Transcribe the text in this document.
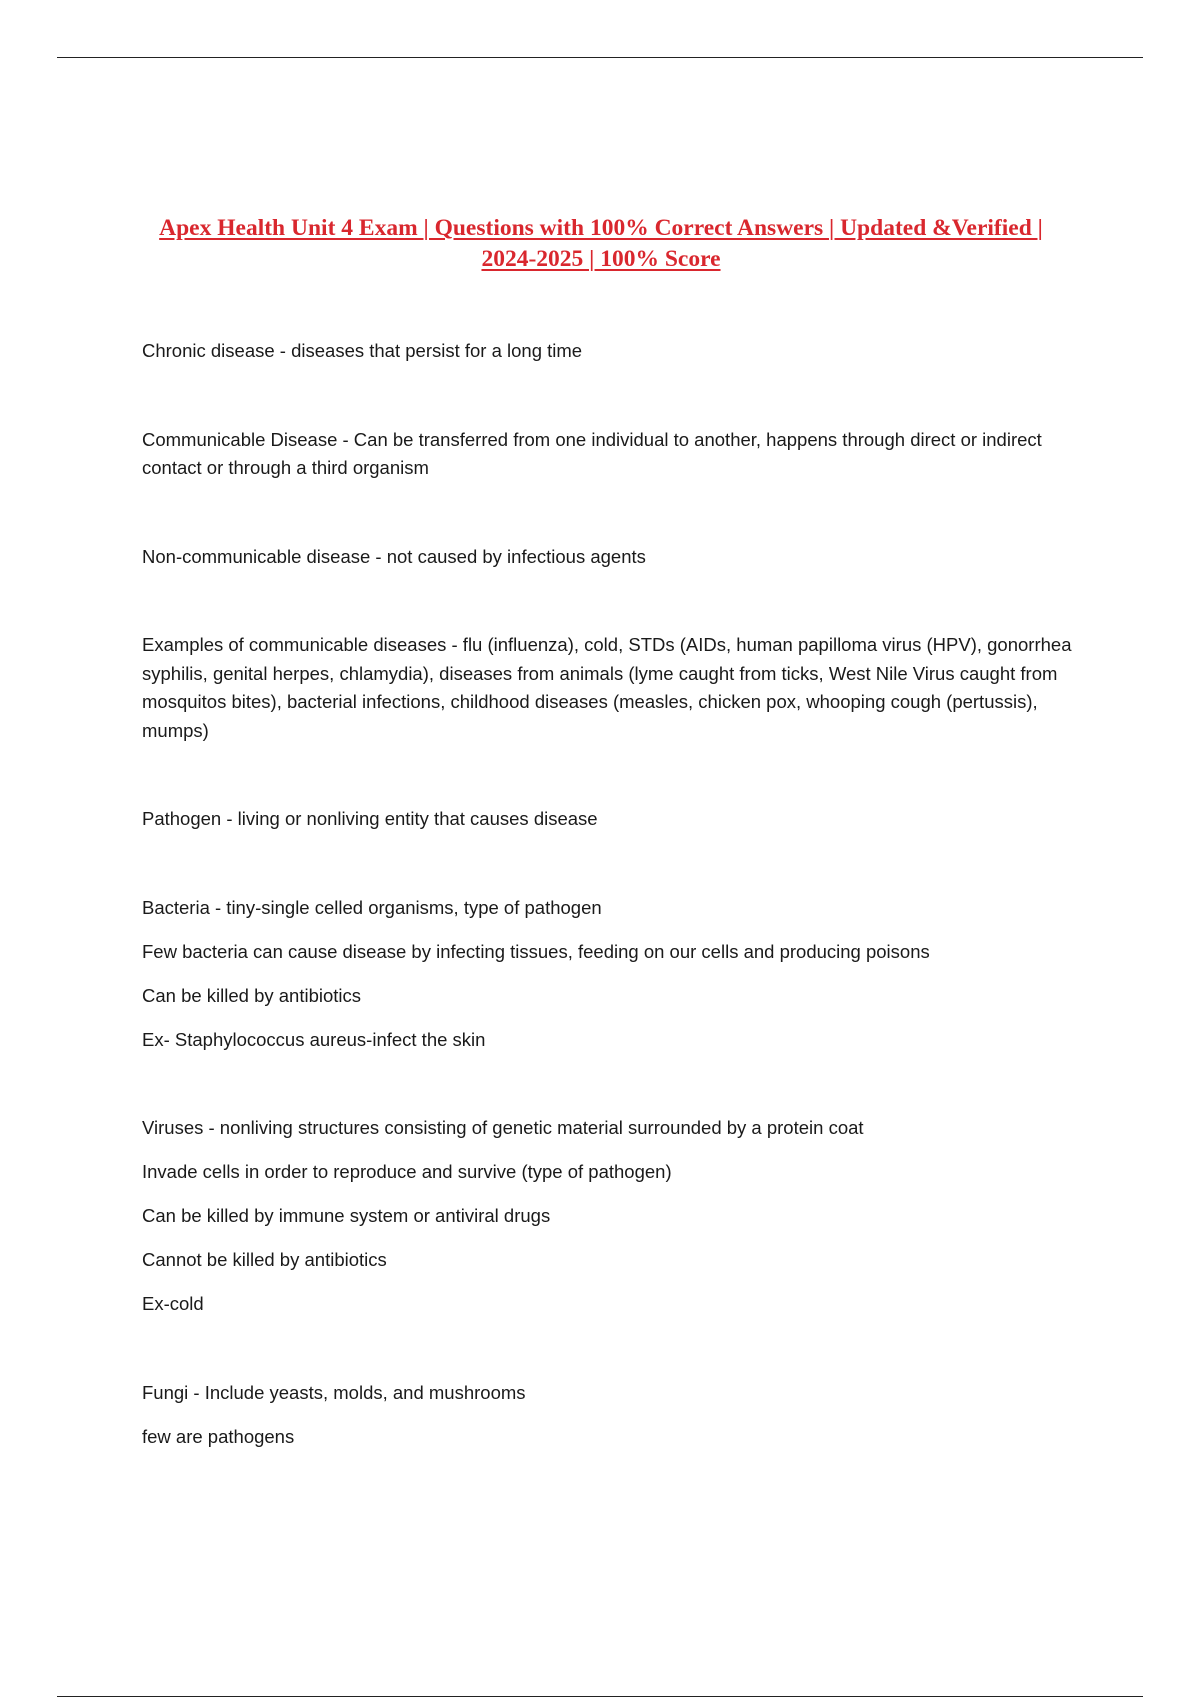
Apex Health Unit 4 Exam | Questions with 100% Correct Answers | Updated &Verified | 2024-2025 | 100% Score

Chronic disease - diseases that persist for a long time

Communicable Disease - Can be transferred from one individual to another, happens through direct or indirect contact or through a third organism

Non-communicable disease - not caused by infectious agents

Examples of communicable diseases - flu (influenza), cold, STDs (AIDs, human papilloma virus (HPV), gonorrhea syphilis, genital herpes, chlamydia), diseases from animals (lyme caught from ticks, West Nile Virus caught from mosquitos bites), bacterial infections, childhood diseases (measles, chicken pox, whooping cough (pertussis), mumps)

Pathogen - living or nonliving entity that causes disease

Bacteria - tiny-single celled organisms, type of pathogen

Few bacteria can cause disease by infecting tissues, feeding on our cells and producing poisons

Can be killed by antibiotics

Ex- Staphylococcus aureus-infect the skin

Viruses - nonliving structures consisting of genetic material surrounded by a protein coat

Invade cells in order to reproduce and survive (type of pathogen)

Can be killed by immune system or antiviral drugs

Cannot be killed by antibiotics

Ex-cold

Fungi - Include yeasts, molds, and mushrooms

few are pathogens
